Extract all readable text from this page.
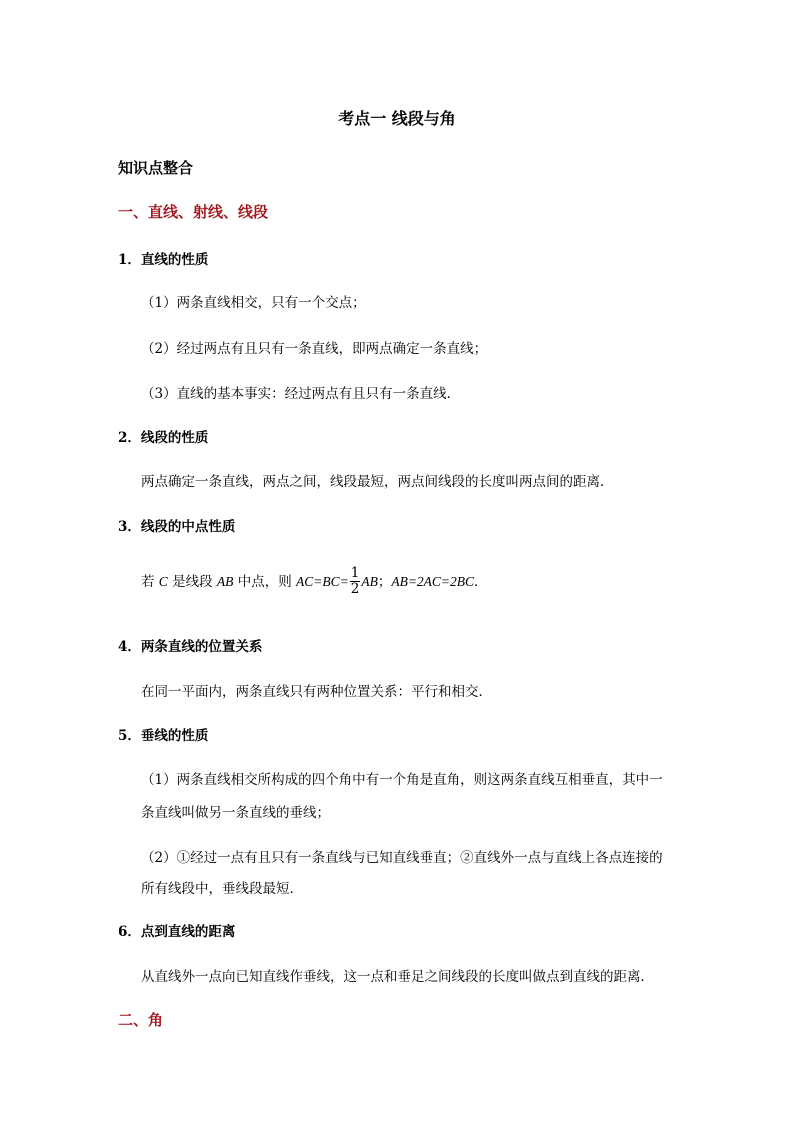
考点一 线段与角
知识点整合
一、直线、射线、线段
1．直线的性质
（1）两条直线相交，只有一个交点；
（2）经过两点有且只有一条直线，即两点确定一条直线；
（3）直线的基本事实：经过两点有且只有一条直线．
2．线段的性质
两点确定一条直线，两点之间，线段最短，两点间线段的长度叫两点间的距离．
3．线段的中点性质
若 C 是线段 AB 中点，则 $AC=BC= \frac{1}{2}$ AB；AB=2AC=2BC．
4．两条直线的位置关系
在同一平面内，两条直线只有两种位置关系：平行和相交．
5．垂线的性质
（1）两条直线相交所构成的四个角中有一个角是直角，则这两条直线互相垂直，其中一
条直线叫做另一条直线的垂线；
（2）①经过一点有且只有一条直线与已知直线垂直；②直线外一点与直线上各点连接的
所有线段中，垂线段最短．
6．点到直线的距离
从直线外一点向已知直线作垂线，这一点和垂足之间线段的长度叫做点到直线的距离．
二、角
